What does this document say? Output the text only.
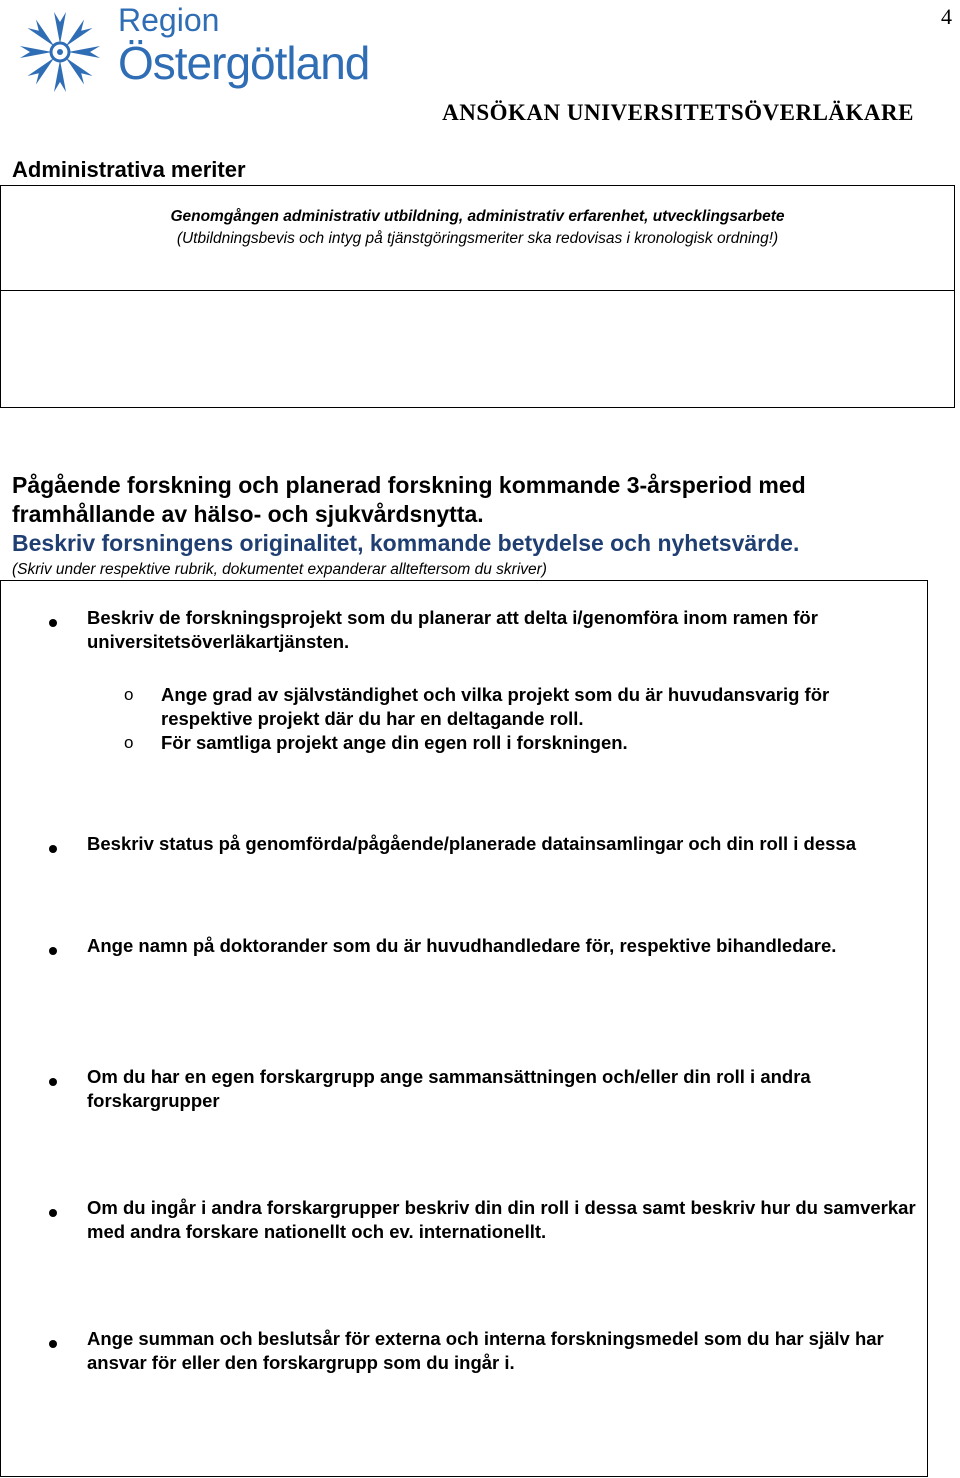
4
Region
Östergötland
ANSÖKAN UNIVERSITETSÖVERLÄKARE
Administrativa meriter
Genomgången administrativ utbildning, administrativ erfarenhet, utvecklingsarbete
(Utbildningsbevis och intyg på tjänstgöringsmeriter ska redovisas i kronologisk ordning!)
Pågående forskning och planerad forskning kommande 3-årsperiod med
framhållande av hälso- och sjukvårdsnytta.
Beskriv forsningens originalitet, kommande betydelse och nyhetsvärde.
(Skriv under respektive rubrik, dokumentet expanderar allteftersom du skriver)
Beskriv de forskningsprojekt som du planerar att delta i/genomföra inom ramen för universitetsöverläkartjänsten.
o Ange grad av självständighet och vilka projekt som du är huvudansvarig för respektive projekt där du har en deltagande roll.
o För samtliga projekt ange din egen roll i forskningen.
Beskriv status på genomförda/pågående/planerade datainsamlingar och din roll i dessa
Ange namn på doktorander som du är huvudhandledare för, respektive bihandledare.
Om du har en egen forskargrupp ange sammansättningen och/eller din roll i andra forskargrupper
Om du ingår i andra forskargrupper beskriv din din roll i dessa samt beskriv hur du samverkar med andra forskare nationellt och ev. internationellt.
Ange summan och beslutsår för externa och interna forskningsmedel som du har själv har ansvar för eller den forskargrupp som du ingår i.
